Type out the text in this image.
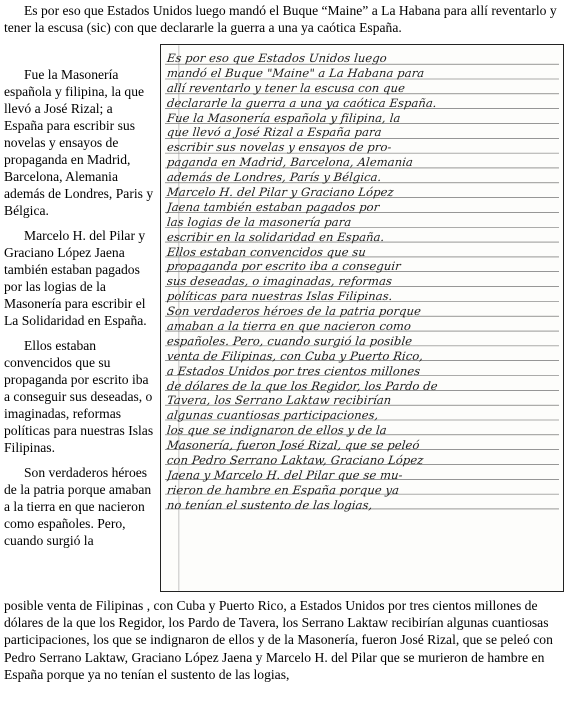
Es por eso que Estados Unidos luego mandó el Buque “Maine” a La Habana para allí reventarlo y tener la escusa (sic) con que declararle la guerra a una ya caótica España.

Fue la Masonería española y filipina, la que llevó a José Rizal; a España para escribir sus novelas y ensayos de propaganda en Madrid, Barcelona, Alemania además de Londres, Paris y Bélgica.

Marcelo H. del Pilar y Graciano López Jaena también estaban pagados por las logias de la Masonería para escribir el La Solidaridad en España.

Ellos estaban convencidos que su propaganda por escrito iba a conseguir sus deseadas, o imaginadas, reformas políticas para nuestras Islas Filipinas.

Son verdaderos héroes de la patria porque amaban a la tierra en que nacieron como españoles. Pero, cuando surgió la

Es por eso que Estados Unidos luego
mandó el Buque "Maine" a La Habana para
allí reventarlo y tener la escusa con que
declararle la guerra a una ya caótica España.
Fue la Masonería española y filipina, la
que llevó a José Rizal a España para
escribir sus novelas y ensayos de pro-
paganda en Madrid, Barcelona, Alemania
además de Londres, París y Bélgica.
Marcelo H. del Pilar y Graciano López
Jaena también estaban pagados por
las logias de la masonería para
escribir en la solidaridad en España.
Ellos estaban convencidos que su
propaganda por escrito iba a conseguir
sus deseadas, o imaginadas, reformas
políticas para nuestras Islas Filipinas.
Son verdaderos héroes de la patria porque
amaban a la tierra en que nacieron como
españoles. Pero, cuando surgió la posible
venta de Filipinas, con Cuba y Puerto Rico,
a Estados Unidos por tres cientos millones
de dólares de la que los Regidor, los Pardo de
Tavera, los Serrano Laktaw recibirían
algunas cuantiosas participaciones,
los que se indignaron de ellos y de la
Masonería, fueron José Rizal, que se peleó
con Pedro Serrano Laktaw, Graciano López
Jaena y Marcelo H. del Pilar que se mu-
rieron de hambre en España porque ya
no tenían el sustento de las logias,

posible venta de Filipinas , con Cuba y Puerto Rico, a Estados Unidos por tres cientos millones de dólares de la que los Regidor, los Pardo de Tavera, los Serrano Laktaw recibirían algunas cuantiosas participaciones, los que se indignaron de ellos y de la Masonería, fueron José Rizal, que se peleó con Pedro Serrano Laktaw, Graciano López Jaena y Marcelo H. del Pilar que se murieron de hambre en España porque ya no tenían el sustento de las logias,
